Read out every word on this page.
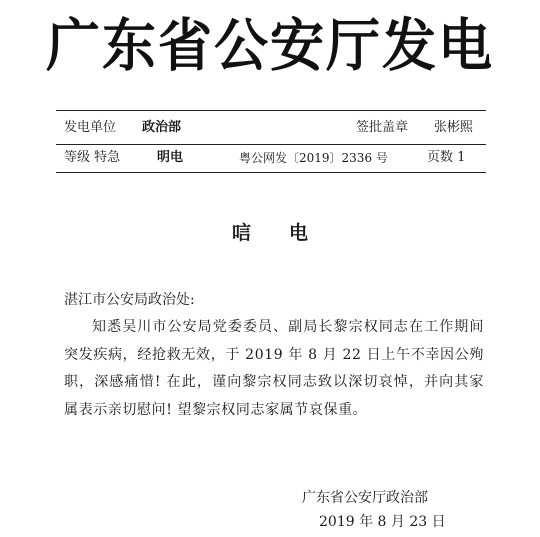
广东省公安厅发电
发电单位 政治部	签批盖章 张彬熙
等级 特急	明电	粤公网发〔2019〕2336 号	页数 1
唁 电
湛江市公安局政治处:
知悉吴川市公安局党委委员、副局长黎宗权同志在工作期间突发疾病，经抢救无效，于 2019 年 8 月 22 日上午不幸因公殉职，深感痛惜! 在此，谨向黎宗权同志致以深切哀悼，并向其家属表示亲切慰问! 望黎宗权同志家属节哀保重。
广东省公安厅政治部
2019 年 8 月 23 日
